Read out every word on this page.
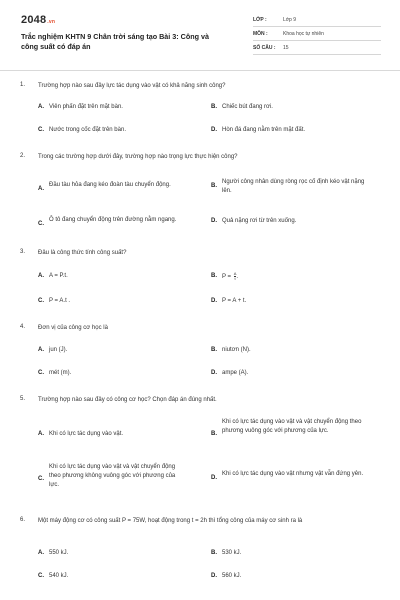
2048.vn
Trắc nghiệm KHTN 9 Chân trời sáng tạo Bài 3: Công và công suất có đáp án
LỚP :	Lớp 9
MÔN :	Khoa học tự nhiên
SỐ CÂU : 15
1. Trường hợp nào sau đây lực tác dụng vào vật có khả năng sinh công?
A. Viên phấn đặt trên mặt bàn.	B. Chiếc bút đang rơi.
C. Nước trong cốc đặt trên bàn.	D. Hòn đá đang nằm trên mặt đất.
2. Trong các trường hợp dưới đây, trường hợp nào trọng lực thực hiện công?
A.
Đầu tàu hỏa đang kéo đoàn tàu chuyển động.	B.
Người công nhân dùng ròng rọc cố định kéo vật nặng lên.
C.
Ô tô đang chuyển động trên đường nằm ngang.	D. Quả nặng rơi từ trên xuống.
3. Đâu là công thức tính công suất?
A. A = P.t.	B. $P = \frac{A}{t}$ .
C. P = A.t .	D. P = A + t.
4. Đơn vị của công cơ học là
A. jun (J).	B. niutơn (N).
C. mét (m).	D. ampe (A).
5. Trường hợp nào sau đây có công cơ học? Chọn đáp án đúng nhất.
A. Khi có lực tác dụng vào vật.	B.
Khi có lực tác dụng vào vật và vật chuyển động theo phương vuông góc với phương của lực.
C.
Khi có lực tác dụng vào vật và vật chuyển động theo phương không vuông góc với phương của lực.
D.
Khi có lực tác dụng vào vật nhưng vật vẫn đứng yên.
6. Một máy động cơ có công suất P = 75W, hoạt động trong t = 2h thì tổng công của máy cơ sinh ra là
A. 550 kJ.	B. 530 kJ.
C. 540 kJ.	D. 560 kJ.
